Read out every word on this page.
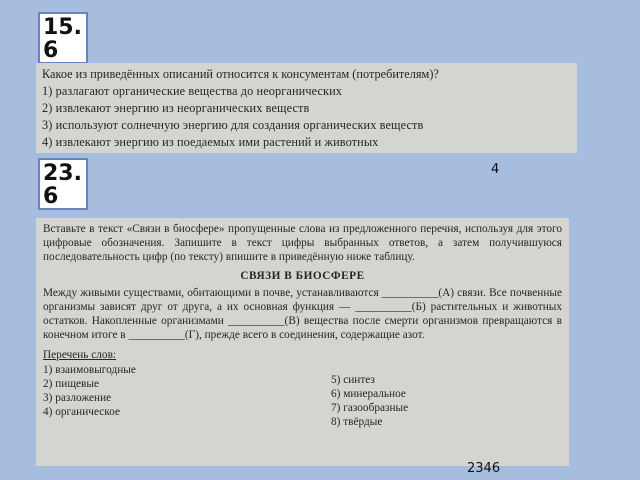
15.
6
Какое из приведённых описаний относится к консументам (потребителям)?
1) разлагают органические вещества до неорганических
2) извлекают энергию из неорганических веществ
3) используют солнечную энергию для создания органических веществ
4) извлекают энергию из поедаемых ими растений и животных
4
23.
6

Вставьте в текст «Связи в биосфере» пропущенные слова из предложенного перечня, используя для этого цифровые обозначения. Запишите в текст цифры выбранных ответов, а затем получившуюся последовательность цифр (по тексту) впишите в приведённую ниже таблицу.

СВЯЗИ В БИОСФЕРЕ

Между живыми существами, обитающими в почве, устанавливаются __________(А) связи. Все почвенные организмы зависят друг от друга, а их основная функция — __________(Б) растительных и животных остатков. Накопленные организмами __________(В) вещества после смерти организмов превращаются в конечном итоге в __________(Г), прежде всего в соединения, содержащие азот.

Перечень слов:
1) взаимовыгодные
2) пищевые
3) разложение
4) органическое
5) синтез
6) минеральное
7) газообразные
8) твёрдые
2346
